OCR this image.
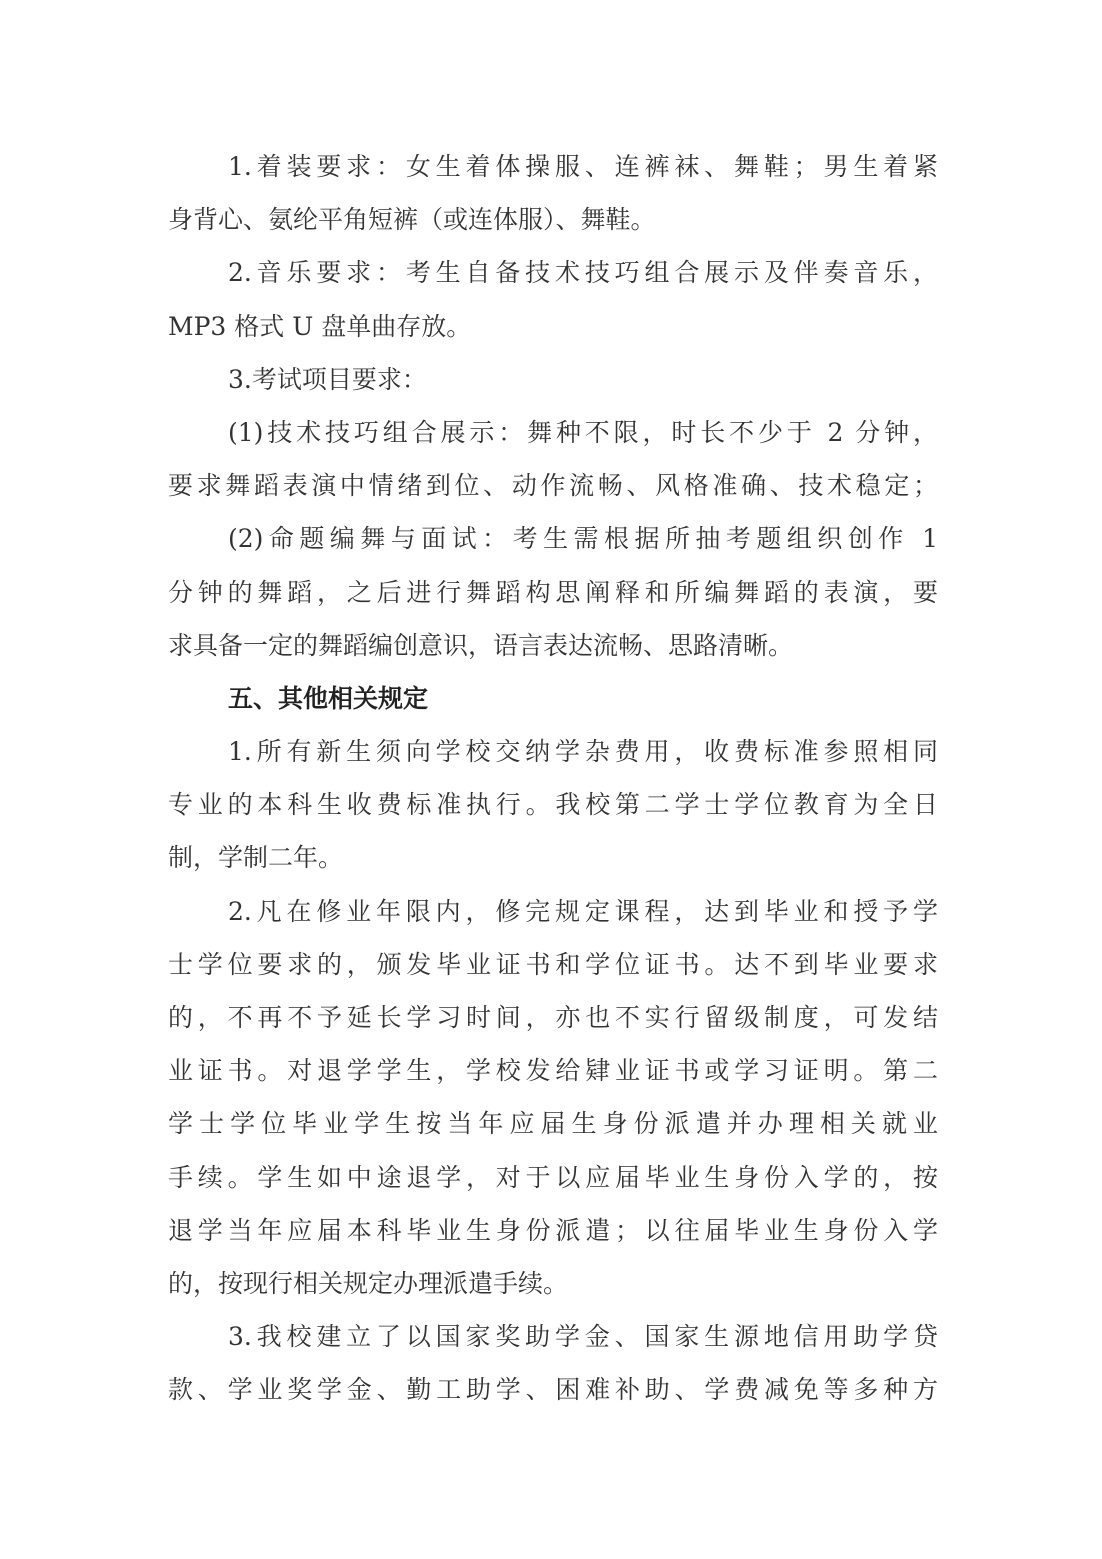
1.着装要求：女生着体操服、连裤袜、舞鞋；男生着紧
身背心、氨纶平角短裤（或连体服）、舞鞋。
2.音乐要求：考生自备技术技巧组合展示及伴奏音乐，
MP3 格式 U 盘单曲存放。
3.考试项目要求：
(1)技术技巧组合展示：舞种不限，时长不少于 2 分钟，
要求舞蹈表演中情绪到位、动作流畅、风格准确、技术稳定；
(2)命题编舞与面试：考生需根据所抽考题组织创作 1
分钟的舞蹈，之后进行舞蹈构思阐释和所编舞蹈的表演，要
求具备一定的舞蹈编创意识，语言表达流畅、思路清晰。
五、其他相关规定
1.所有新生须向学校交纳学杂费用，收费标准参照相同
专业的本科生收费标准执行。我校第二学士学位教育为全日
制，学制二年。
2.凡在修业年限内，修完规定课程，达到毕业和授予学
士学位要求的，颁发毕业证书和学位证书。达不到毕业要求
的，不再不予延长学习时间，亦也不实行留级制度，可发结
业证书。对退学学生，学校发给肄业证书或学习证明。第二
学士学位毕业学生按当年应届生身份派遣并办理相关就业
手续。学生如中途退学，对于以应届毕业生身份入学的，按
退学当年应届本科毕业生身份派遣；以往届毕业生身份入学
的，按现行相关规定办理派遣手续。
3.我校建立了以国家奖助学金、国家生源地信用助学贷
款、学业奖学金、勤工助学、困难补助、学费减免等多种方
